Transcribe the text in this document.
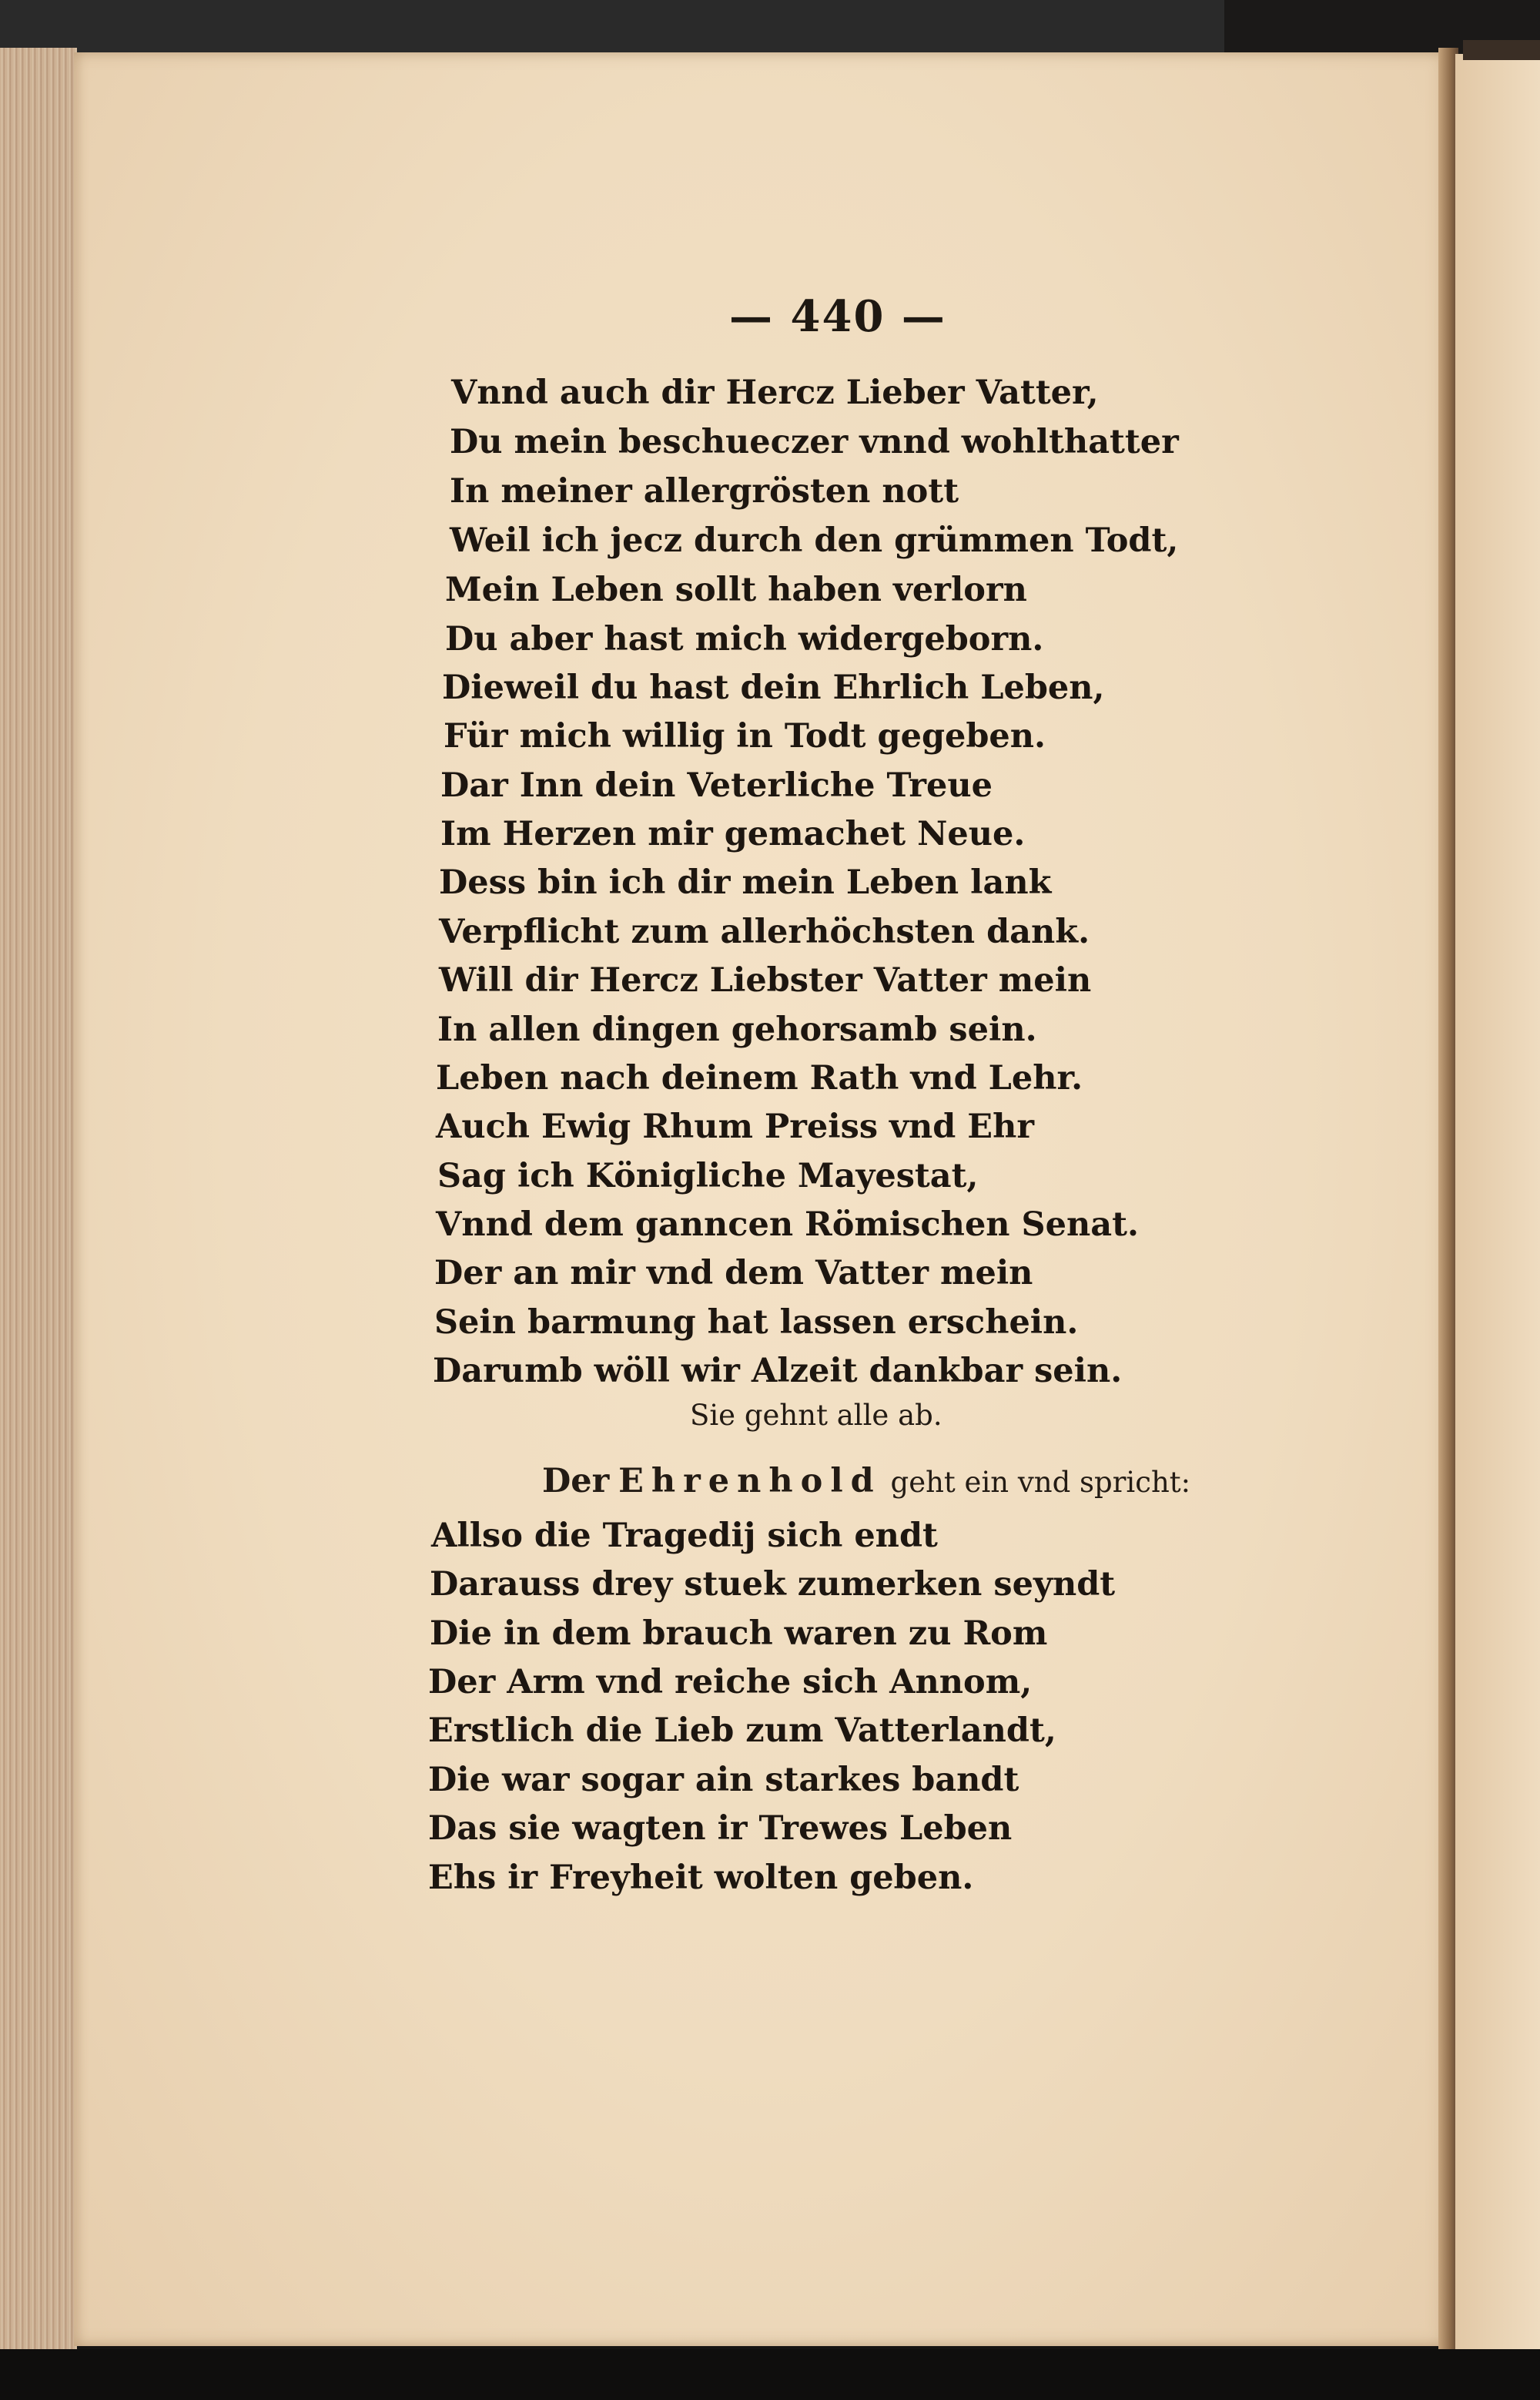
— 440 —
Vnnd auch dir Hercz Lieber Vatter,
Du mein beschueczer vnnd wohlthatter
In meiner allergrösten nott
Weil ich jecz durch den grümmen Todt,
Mein Leben sollt haben verlorn
Du aber hast mich widergeborn.
Dieweil du hast dein Ehrlich Leben,
Für mich willig in Todt gegeben.
Dar Inn dein Veterliche Treue
Im Herzen mir gemachet Neue.
Dess bin ich dir mein Leben lank
Verpflicht zum allerhöchsten dank.
Will dir Hercz Liebster Vatter mein
In allen dingen gehorsamb sein.
Leben nach deinem Rath vnd Lehr.
Auch Ewig Rhum Preiss vnd Ehr
Sag ich Königliche Mayestat,
Vnnd dem ganncen Römischen Senat.
Der an mir vnd dem Vatter mein
Sein barmung hat lassen erschein.
Darumb wöll wir Alzeit dankbar sein.
Sie gehnt alle ab.
Der Ehrenhold geht ein vnd spricht:
Allso die Tragedij sich endt
Darauss drey stuek zumerken seyndt
Die in dem brauch waren zu Rom
Der Arm vnd reiche sich Annom,
Erstlich die Lieb zum Vatterlandt,
Die war sogar ain starkes bandt
Das sie wagten ir Trewes Leben
Ehs ir Freyheit wolten geben.
